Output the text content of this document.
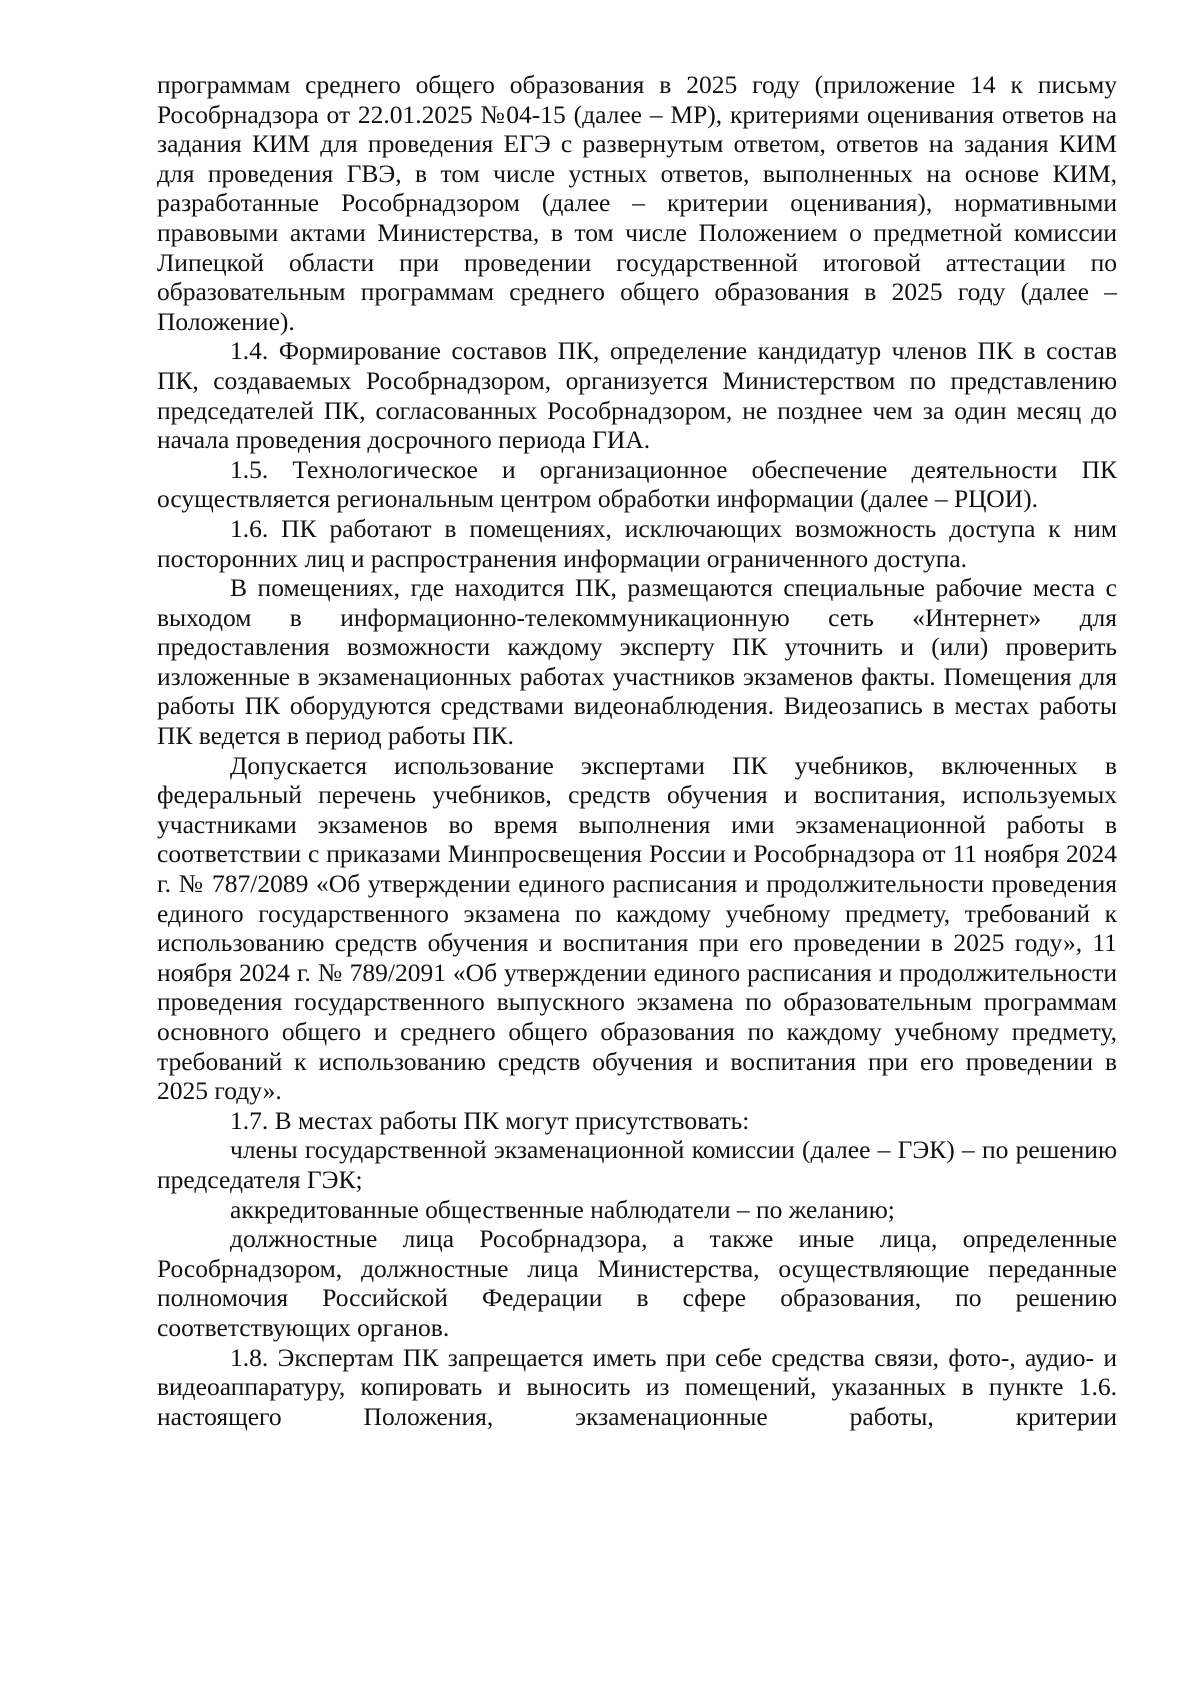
программам среднего общего образования в 2025 году (приложение 14 к письму Рособрнадзора от 22.01.2025 №04-15 (далее – МР), критериями оценивания ответов на задания КИМ для проведения ЕГЭ с развернутым ответом, ответов на задания КИМ для проведения ГВЭ, в том числе устных ответов, выполненных на основе КИМ, разработанные Рособрнадзором (далее – критерии оценивания), нормативными правовыми актами Министерства, в том числе Положением о предметной комиссии Липецкой области при проведении государственной итоговой аттестации по образовательным программам среднего общего образования в 2025 году (далее – Положение).

1.4. Формирование составов ПК, определение кандидатур членов ПК в состав ПК, создаваемых Рособрнадзором, организуется Министерством по представлению председателей ПК, согласованных Рособрнадзором, не позднее чем за один месяц до начала проведения досрочного периода ГИА.

1.5. Технологическое и организационное обеспечение деятельности ПК осуществляется региональным центром обработки информации (далее – РЦОИ).

1.6. ПК работают в помещениях, исключающих возможность доступа к ним посторонних лиц и распространения информации ограниченного доступа.

В помещениях, где находится ПК, размещаются специальные рабочие места с выходом в информационно-телекоммуникационную сеть «Интернет» для предоставления возможности каждому эксперту ПК уточнить и (или) проверить изложенные в экзаменационных работах участников экзаменов факты. Помещения для работы ПК оборудуются средствами видеонаблюдения. Видеозапись в местах работы ПК ведется в период работы ПК.

Допускается использование экспертами ПК учебников, включенных в федеральный перечень учебников, средств обучения и воспитания, используемых участниками экзаменов во время выполнения ими экзаменационной работы в соответствии с приказами Минпросвещения России и Рособрнадзора от 11 ноября 2024 г. № 787/2089 «Об утверждении единого расписания и продолжительности проведения единого государственного экзамена по каждому учебному предмету, требований к использованию средств обучения и воспитания при его проведении в 2025 году», 11 ноября 2024 г. № 789/2091 «Об утверждении единого расписания и продолжительности проведения государственного выпускного экзамена по образовательным программам основного общего и среднего общего образования по каждому учебному предмету, требований к использованию средств обучения и воспитания при его проведении в 2025 году».

1.7. В местах работы ПК могут присутствовать:

члены государственной экзаменационной комиссии (далее – ГЭК) – по решению председателя ГЭК;

аккредитованные общественные наблюдатели – по желанию;

должностные лица Рособрнадзора, а также иные лица, определенные Рособрнадзором, должностные лица Министерства, осуществляющие переданные полномочия Российской Федерации в сфере образования, по решению соответствующих органов.

1.8. Экспертам ПК запрещается иметь при себе средства связи, фото-, аудио- и видеоаппаратуру, копировать и выносить из помещений, указанных в пункте 1.6. настоящего Положения, экзаменационные работы, критерии
